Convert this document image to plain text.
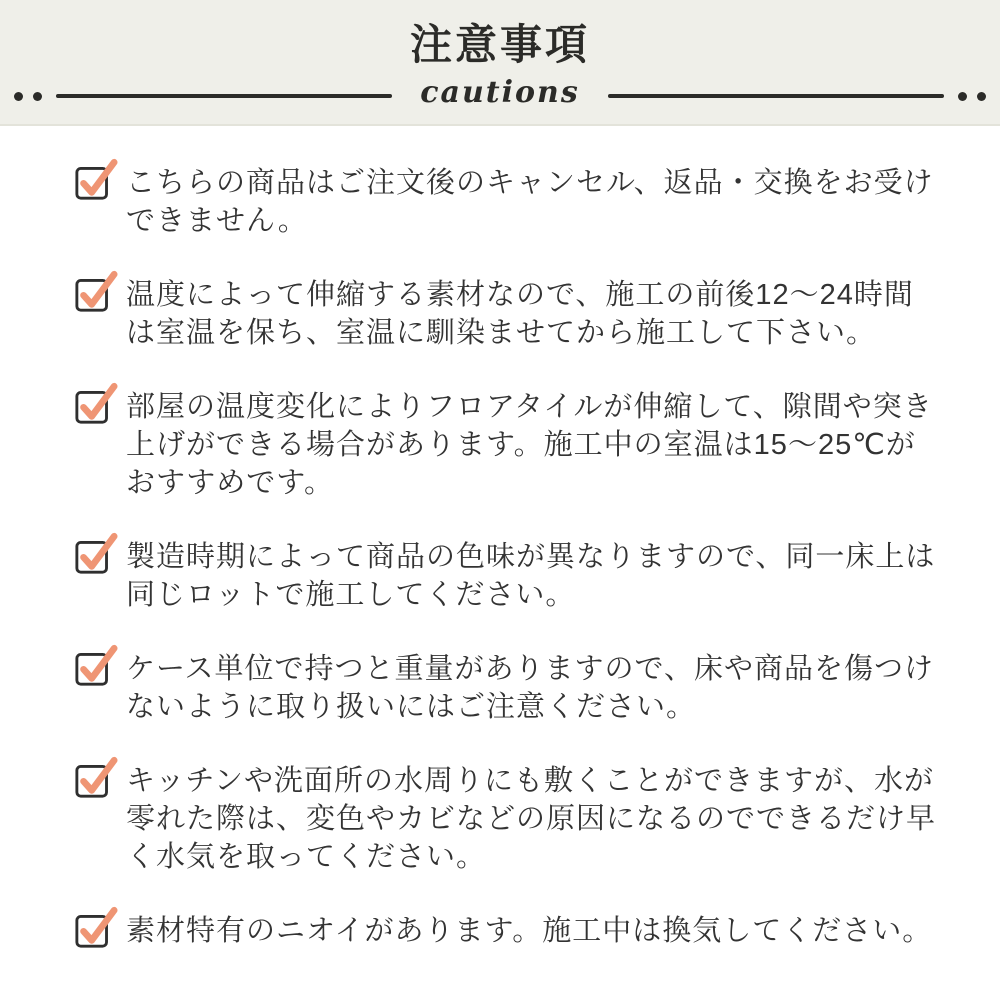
注意事項
cautions
こちらの商品はご注文後のキャンセル、返品・交換をお受けできません。
温度によって伸縮する素材なので、施工の前後12〜24時間は室温を保ち、室温に馴染ませてから施工して下さい。
部屋の温度変化によりフロアタイルが伸縮して、隙間や突き上げができる場合があります。施工中の室温は15〜25℃がおすすめです。
製造時期によって商品の色味が異なりますので、同一床上は同じロットで施工してください。
ケース単位で持つと重量がありますので、床や商品を傷つけないように取り扱いにはご注意ください。
キッチンや洗面所の水周りにも敷くことができますが、水が零れた際は、変色やカビなどの原因になるのでできるだけ早く水気を取ってください。
素材特有のニオイがあります。施工中は換気してください。
